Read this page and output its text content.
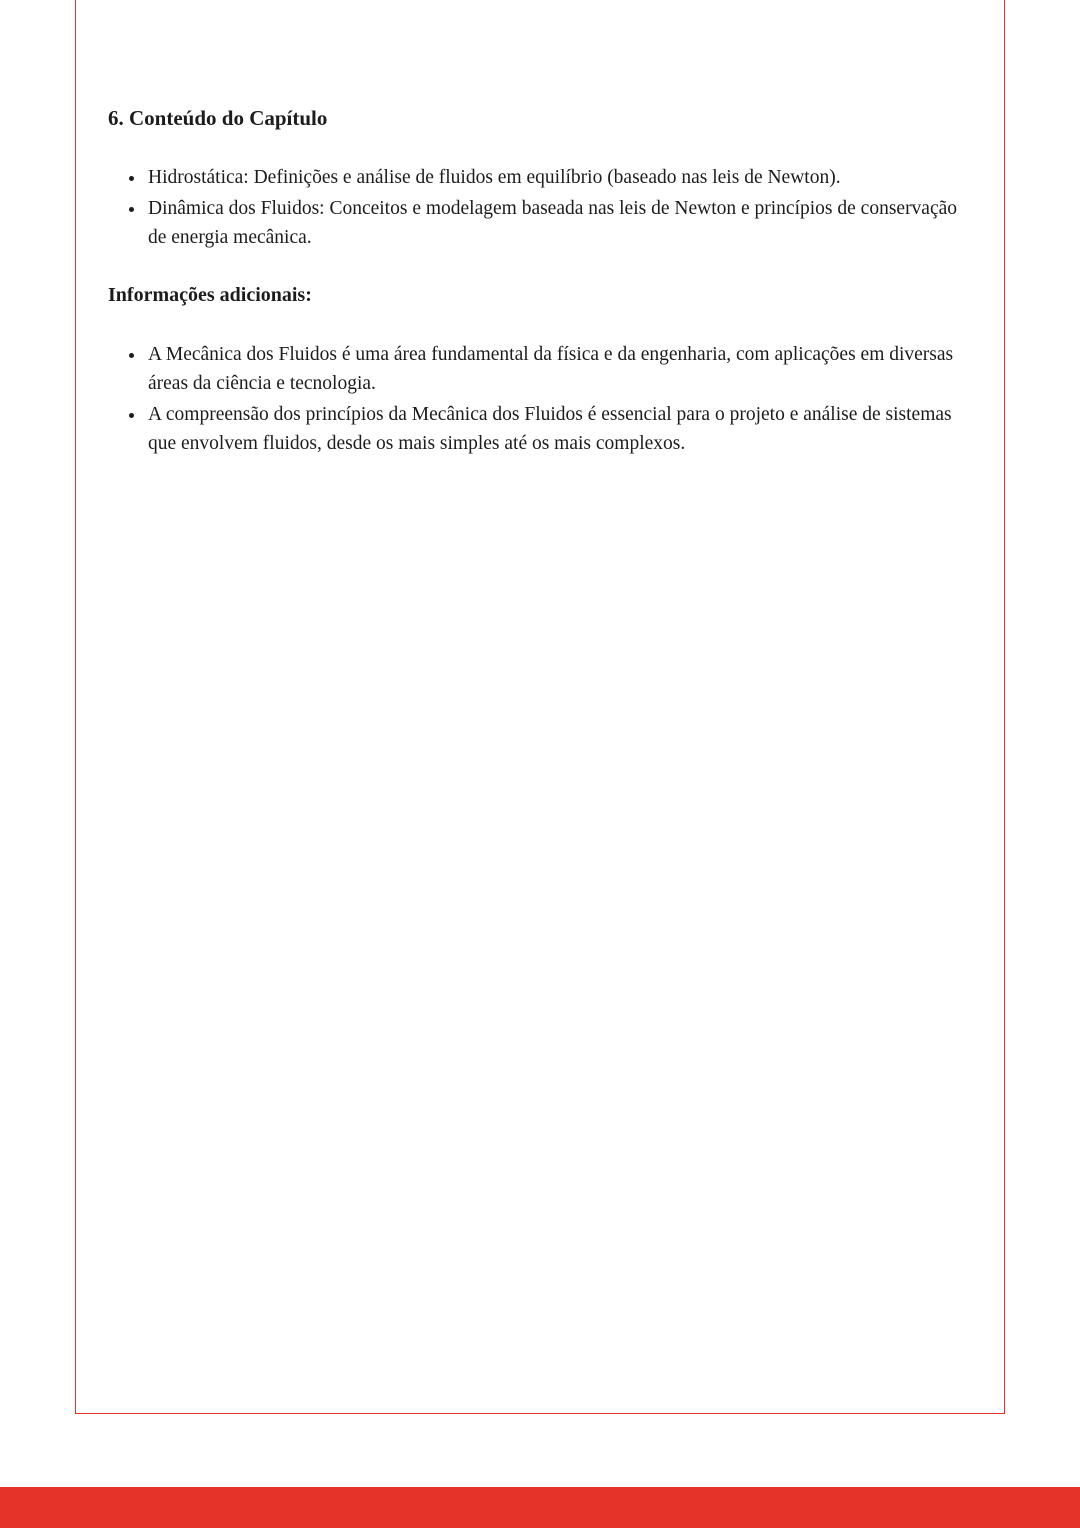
6. Conteúdo do Capítulo
• Hidrostática: Definições e análise de fluidos em equilíbrio (baseado nas leis de Newton).
• Dinâmica dos Fluidos: Conceitos e modelagem baseada nas leis de Newton e princípios de conservação de energia mecânica.
Informações adicionais:
• A Mecânica dos Fluidos é uma área fundamental da física e da engenharia, com aplicações em diversas áreas da ciência e tecnologia.
• A compreensão dos princípios da Mecânica dos Fluidos é essencial para o projeto e análise de sistemas que envolvem fluidos, desde os mais simples até os mais complexos.
